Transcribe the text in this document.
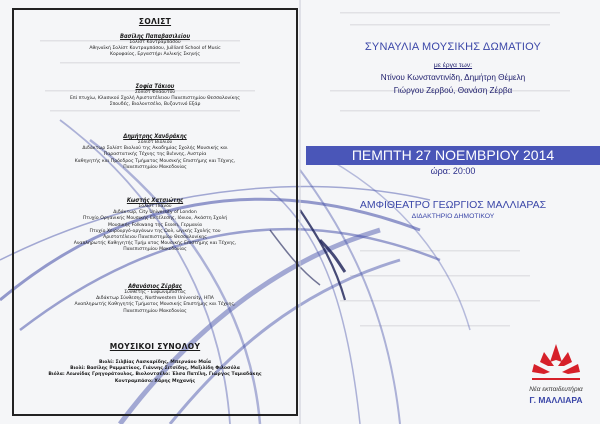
ΣΟΛΙΣΤ
Βασίλης Παπαβασιλείου
Σολίστ Κοντραμπάσου
Αθηναϊκή Σολίστ Κοντραμπάσου, Juilliard School of Music
Κορυφαίος, Εργαστήρι Αυλικής Σκηνής
Σοφία Τάκιου
Σολίστ Φλάουτου
Επί πτυχίω, Κλασικού Σχολή Αριστοτέλειου Πανεπιστημίου Θεσσαλονίκης
Σπουδές, Βιολοντσέλο, Βυζαντινό Εξάρ
Δημήτρης Χανδράκης
Σολίστ Βιολιού
Διδάκτωρ Σολίστ Βιολιού της Ακαδημίας Σχολής Μουσικής και
Παραστατικής Τέχνης της Βιέννης, Αυστρία
Καθηγητής και Πρόεδρος Τμήματος Μουσικής Επιστήμης και Τέχνης,
Πανεπιστημίου Μακεδονίας
Κωστής Χατσιώτης
Σολίστ Πιάνου
Διδάκτωρ, City University of London
Πτυχίο Οργανικής Μουσικής Εκτέλεσης, Ιόνιου, Ακάστη Σχολή
Μουσικής Folkwang της Essen, Γερμανία
Πτυχίο Χειρουργό-οργάνων της Ωολ, ωγικής Σχολής του
Αριστοτέλειου Πανεπιστημίου Θεσσαλονίκης
Αναπληρωτής Καθηγητής Τμήμ ατος Μουσικής Επιστήμης και Τέχνης,
Πανεπιστημίου Μακεδονίας
Αθανάσιος Ζέρβας
Συνθέτης - Ευφωνίμπιστας
Διδάκτωρ Σύνθεσης, Northwestern University, ΗΠΑ
Αναπληρωτής Καθηγητής Τμήματος Μουσικής Επιστήμης και Τέχνης,
Πανεπιστημίου Μακεδονίας
ΜΟΥΣΙΚΟΙ ΣΥΝΟΛΟΥ
Βιολί: Σιλβίας Λασκαρίδης, Μπερνάου Μαΐα
Βιολί: Βασίλης Ραμματίκος, Γιάννης Σιτσίδης, Μαξιλίδη Φιλοσόλα
Βιόλα: Λεωνίδας Γρηγοράτουλος, Βιολοντσέλο: Έλσα Πατέλη, Γιώργος Ταμιαδάκης
Κοντραμπάσο: Χάρης Μηχανής
ΣΥΝΑΥΛΙΑ ΜΟΥΣΙΚΗΣ ΔΩΜΑΤΙΟΥ
με έργα των:
Ντίνου Κωνσταντινίδη, Δημήτρη Θέμελη
Γιώργου Ζερβού, Θανάση Ζέρβα
ΠΕΜΠΤΗ 27 ΝΟΕΜΒΡΙΟΥ 2014
ώρα: 20:00
ΑΜΦΙΘΕΑΤΡΟ ΓΕΩΡΓΙΟΣ ΜΑΛΛΙΑΡΑΣ
ΔΙΔΑΚΤΗΡΙΟ ΔΗΜΟΤΙΚΟΥ
Νέα εκπαιδευτήρια
Γ. ΜΑΛΛΙΑΡΑ
